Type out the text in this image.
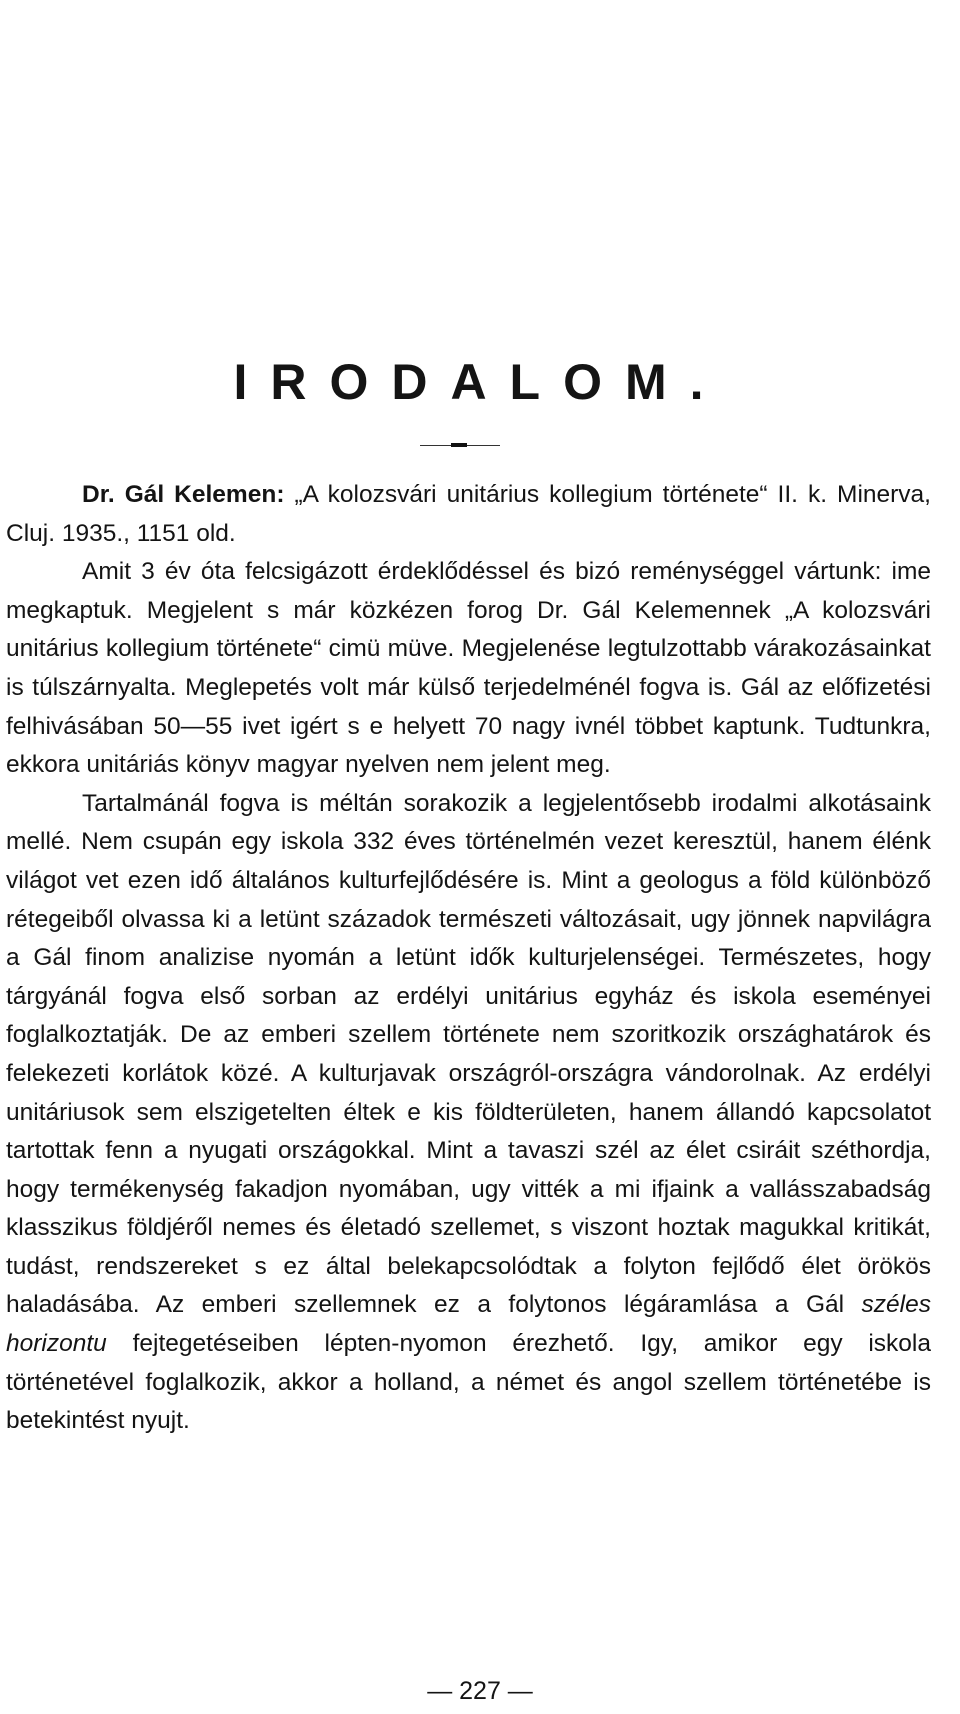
IRODALOM.

Dr. Gál Kelemen: „A kolozsvári unitárius kollegium története“ II. k. Minerva, Cluj. 1935., 1151 old.

Amit 3 év óta felcsigázott érdeklődéssel és bizó reménységgel vártunk: ime megkaptuk. Megjelent s már közkézen forog Dr. Gál Kelemennek „A kolozsvári unitárius kollegium története“ cimü müve. Megjelenése legtulzottabb várakozásainkat is túlszárnyalta. Meglepetés volt már külső terjedelménél fogva is. Gál az előfizetési felhivásában 50—55 ivet igért s e helyett 70 nagy ivnél többet kaptunk. Tudtunkra, ekkora unitáriás könyv magyar nyelven nem jelent meg.

Tartalmánál fogva is méltán sorakozik a legjelentősebb irodalmi alkotásaink mellé. Nem csupán egy iskola 332 éves történelmén vezet keresztül, hanem élénk világot vet ezen idő általános kulturfejlődésére is. Mint a geologus a föld különböző rétegeiből olvassa ki a letünt századok természeti változásait, ugy jönnek napvilágra a Gál finom analizise nyomán a letünt idők kulturjelenségei. Természetes, hogy tárgyánál fogva első sorban az erdélyi unitárius egyház és iskola eseményei foglalkoztatják. De az emberi szellem története nem szoritkozik országhatárok és felekezeti korlátok közé. A kulturjavak országról-országra vándorolnak. Az erdélyi unitáriusok sem elszigetelten éltek e kis földterületen, hanem állandó kapcsolatot tartottak fenn a nyugati országokkal. Mint a tavaszi szél az élet csiráit széthordja, hogy termékenység fakadjon nyomában, ugy vitték a mi ifjaink a vallásszabadság klasszikus földjéről nemes és életadó szellemet, s viszont hoztak magukkal kritikát, tudást, rendszereket s ez által belekapcsolódtak a folyton fejlődő élet örökös haladásába. Az emberi szellemnek ez a folytonos légáramlása a Gál széles horizontu fejtegetéseiben lépten-nyomon érezhető. Igy, amikor egy iskola történetével foglalkozik, akkor a holland, a német és angol szellem történetébe is betekintést nyujt.

— 227 —
